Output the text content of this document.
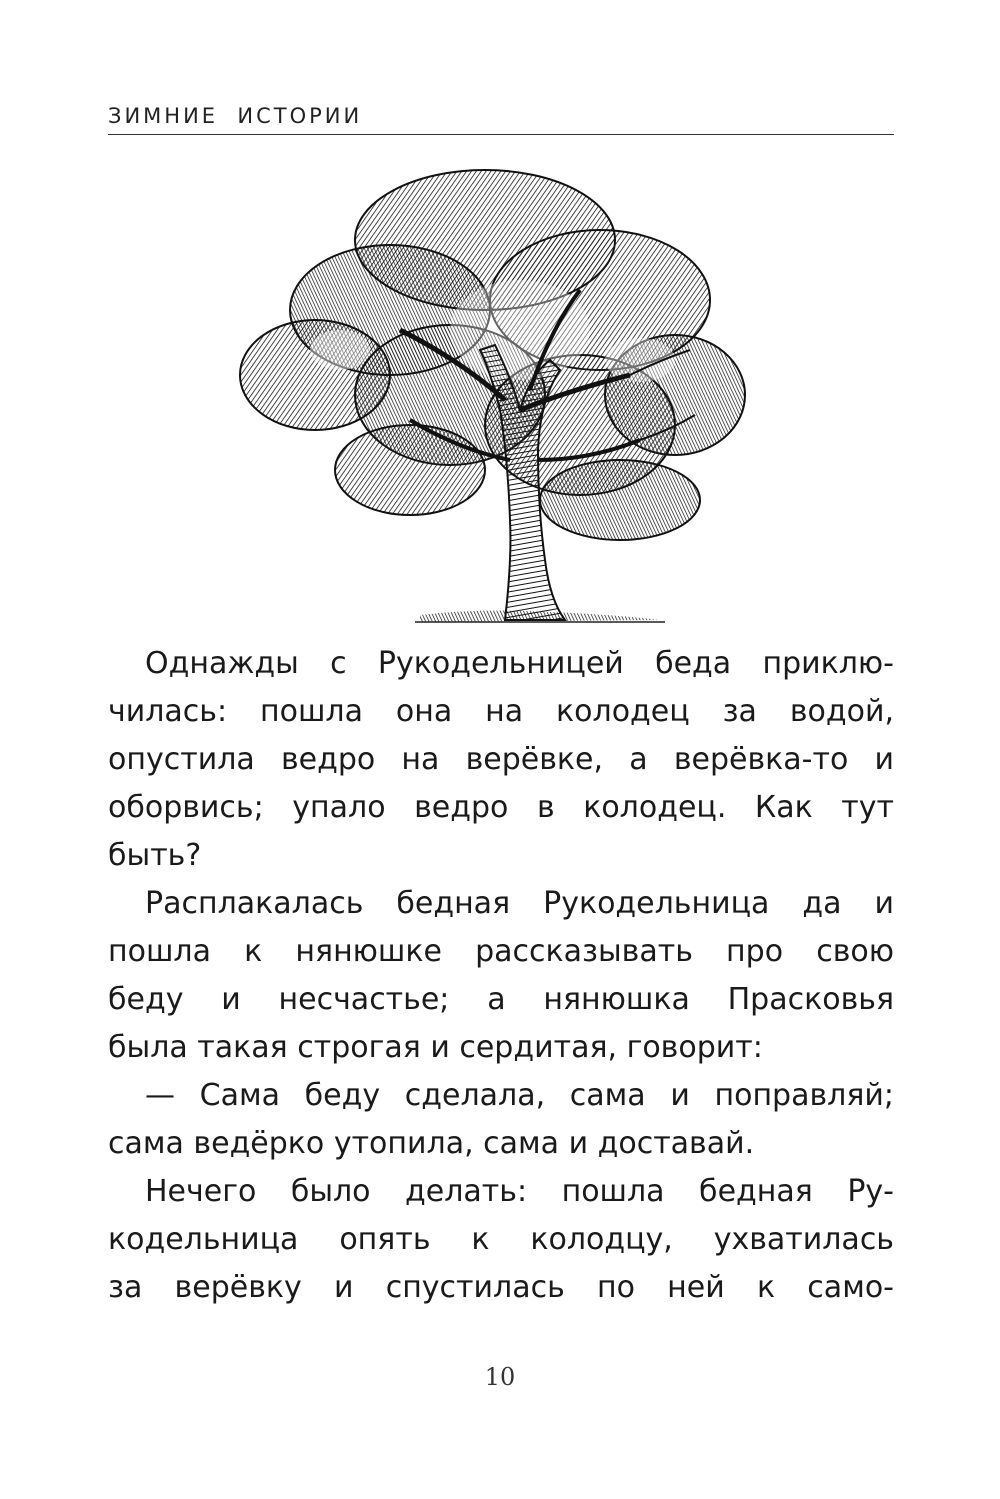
ЗИМНИЕ  ИСТОРИИ
Однажды с Рукодельницей беда приклю-
чилась: пошла она на колодец за водой,
опустила ведро на верёвке, а верёвка-то и
оборвись; упало ведро в колодец. Как тут
быть?
Расплакалась бедная Рукодельница да и
пошла к нянюшке рассказывать про свою
беду и несчастье; а нянюшка Прасковья
была такая строгая и сердитая, говорит:
— Сама беду сделала, сама и поправляй;
сама ведёрко утопила, сама и доставай.
Нечего было делать: пошла бедная Ру-
кодельница опять к колодцу, ухватилась
за верёвку и спустилась по ней к само-
10
